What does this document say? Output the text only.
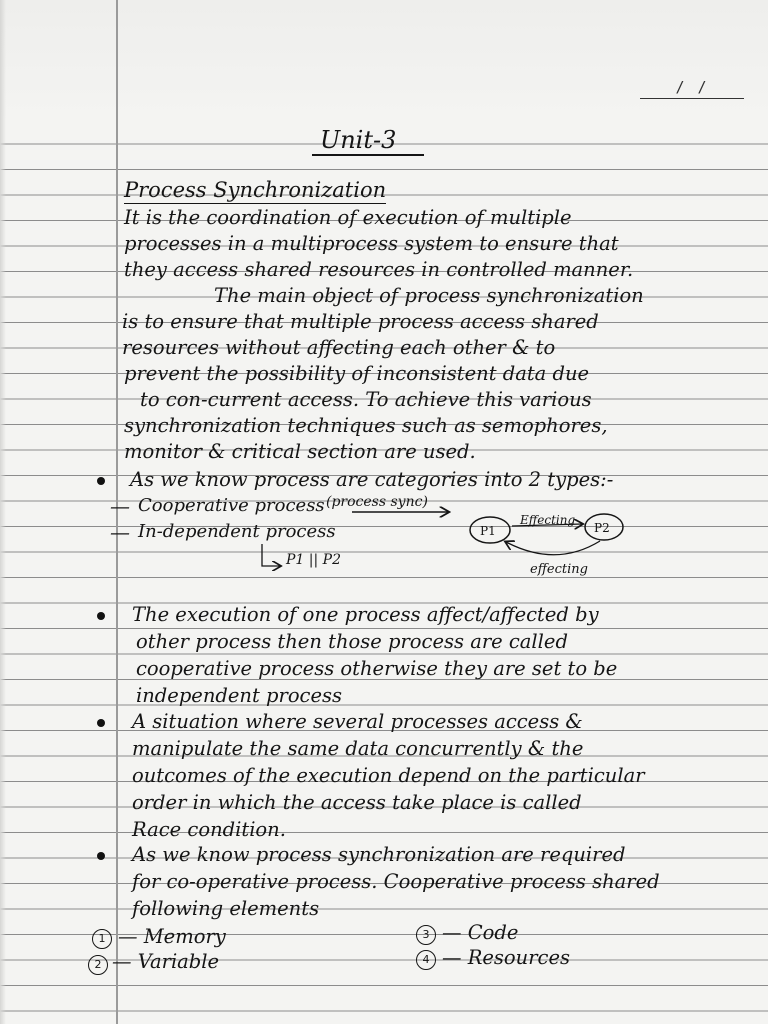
/ /
Unit-3
Process Synchronization
It is the coordination of execution of multiple
processes in a multiprocess system to ensure that
they access shared resources in controlled manner.
The main object of process synchronization
is to ensure that multiple process access shared
resources without affecting each other & to
prevent the possibility of inconsistent data due
to con-current access. To achieve this various
synchronization techniques such as semophores,
monitor & critical section are used.
As we know process are categories into 2 types:-
— Cooperative process (process sync)
— In-dependent process
P1 || P2
P1	P2
Effecting
effecting
The execution of one process affect/affected by
other process then those process are called
cooperative process otherwise they are set to be
independent process
A situation where several processes access &
manipulate the same data concurrently & the
outcomes of the execution depend on the particular
order in which the access take place is called
Race condition.
As we know process synchronization are required
for co-operative process. Cooperative process shared
following elements
1 — Memory
2 — Variable
3 — Code
4 — Resources
